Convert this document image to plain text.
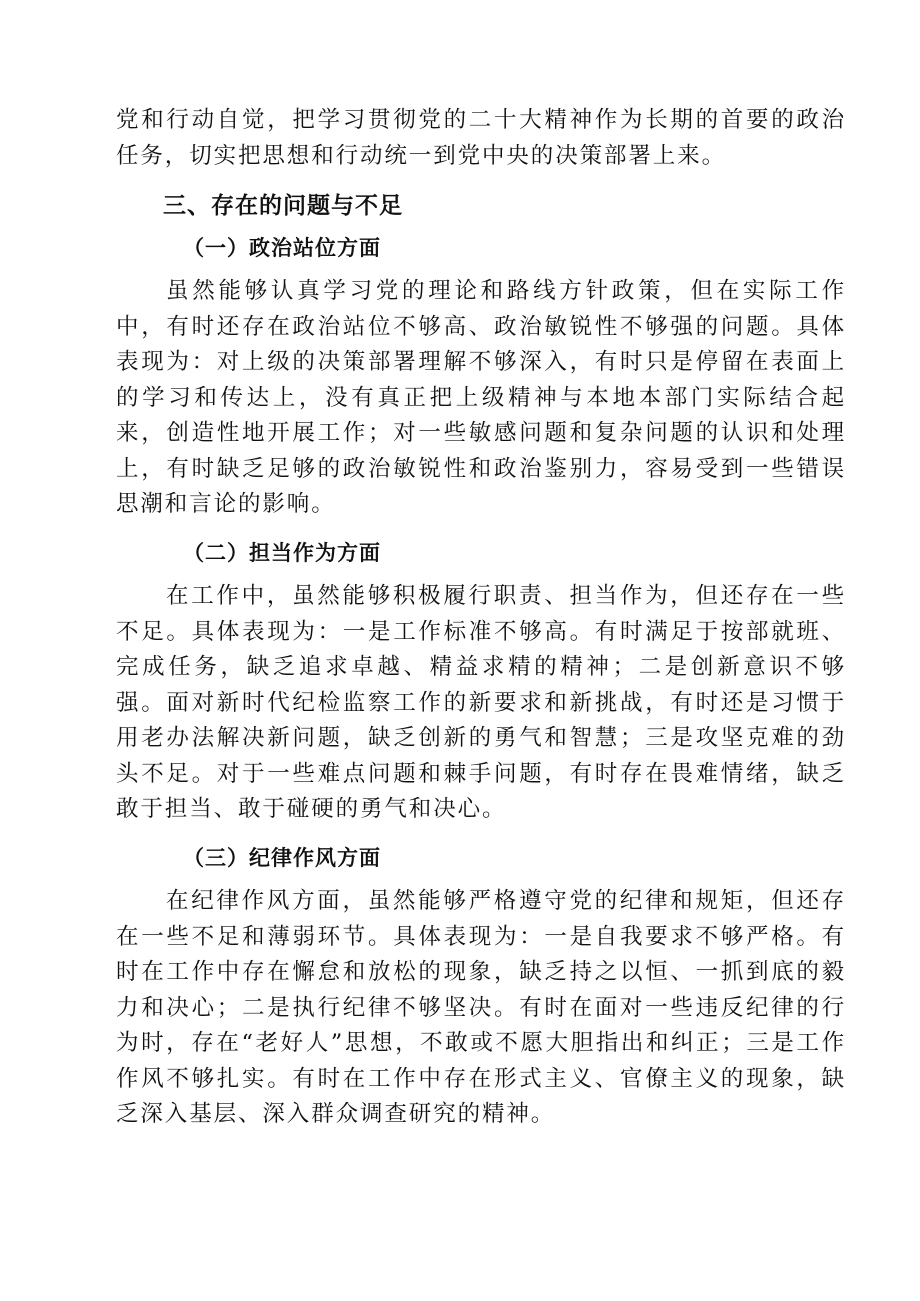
党和行动自觉，把学习贯彻党的二十大精神作为长期的首要的政治任务，切实把思想和行动统一到党中央的决策部署上来。

三、存在的问题与不足
（一）政治站位方面

虽然能够认真学习党的理论和路线方针政策，但在实际工作中，有时还存在政治站位不够高、政治敏锐性不够强的问题。具体表现为：对上级的决策部署理解不够深入，有时只是停留在表面上的学习和传达上，没有真正把上级精神与本地本部门实际结合起来，创造性地开展工作；对一些敏感问题和复杂问题的认识和处理上，有时缺乏足够的政治敏锐性和政治鉴别力，容易受到一些错误思潮和言论的影响。

（二）担当作为方面

在工作中，虽然能够积极履行职责、担当作为，但还存在一些不足。具体表现为：一是工作标准不够高。有时满足于按部就班、完成任务，缺乏追求卓越、精益求精的精神；二是创新意识不够强。面对新时代纪检监察工作的新要求和新挑战，有时还是习惯于用老办法解决新问题，缺乏创新的勇气和智慧；三是攻坚克难的劲头不足。对于一些难点问题和棘手问题，有时存在畏难情绪，缺乏敢于担当、敢于碰硬的勇气和决心。

（三）纪律作风方面

在纪律作风方面，虽然能够严格遵守党的纪律和规矩，但还存在一些不足和薄弱环节。具体表现为：一是自我要求不够严格。有时在工作中存在懈怠和放松的现象，缺乏持之以恒、一抓到底的毅力和决心；二是执行纪律不够坚决。有时在面对一些违反纪律的行为时，存在“老好人”思想，不敢或不愿大胆指出和纠正；三是工作作风不够扎实。有时在工作中存在形式主义、官僚主义的现象，缺乏深入基层、深入群众调查研究的精神。
